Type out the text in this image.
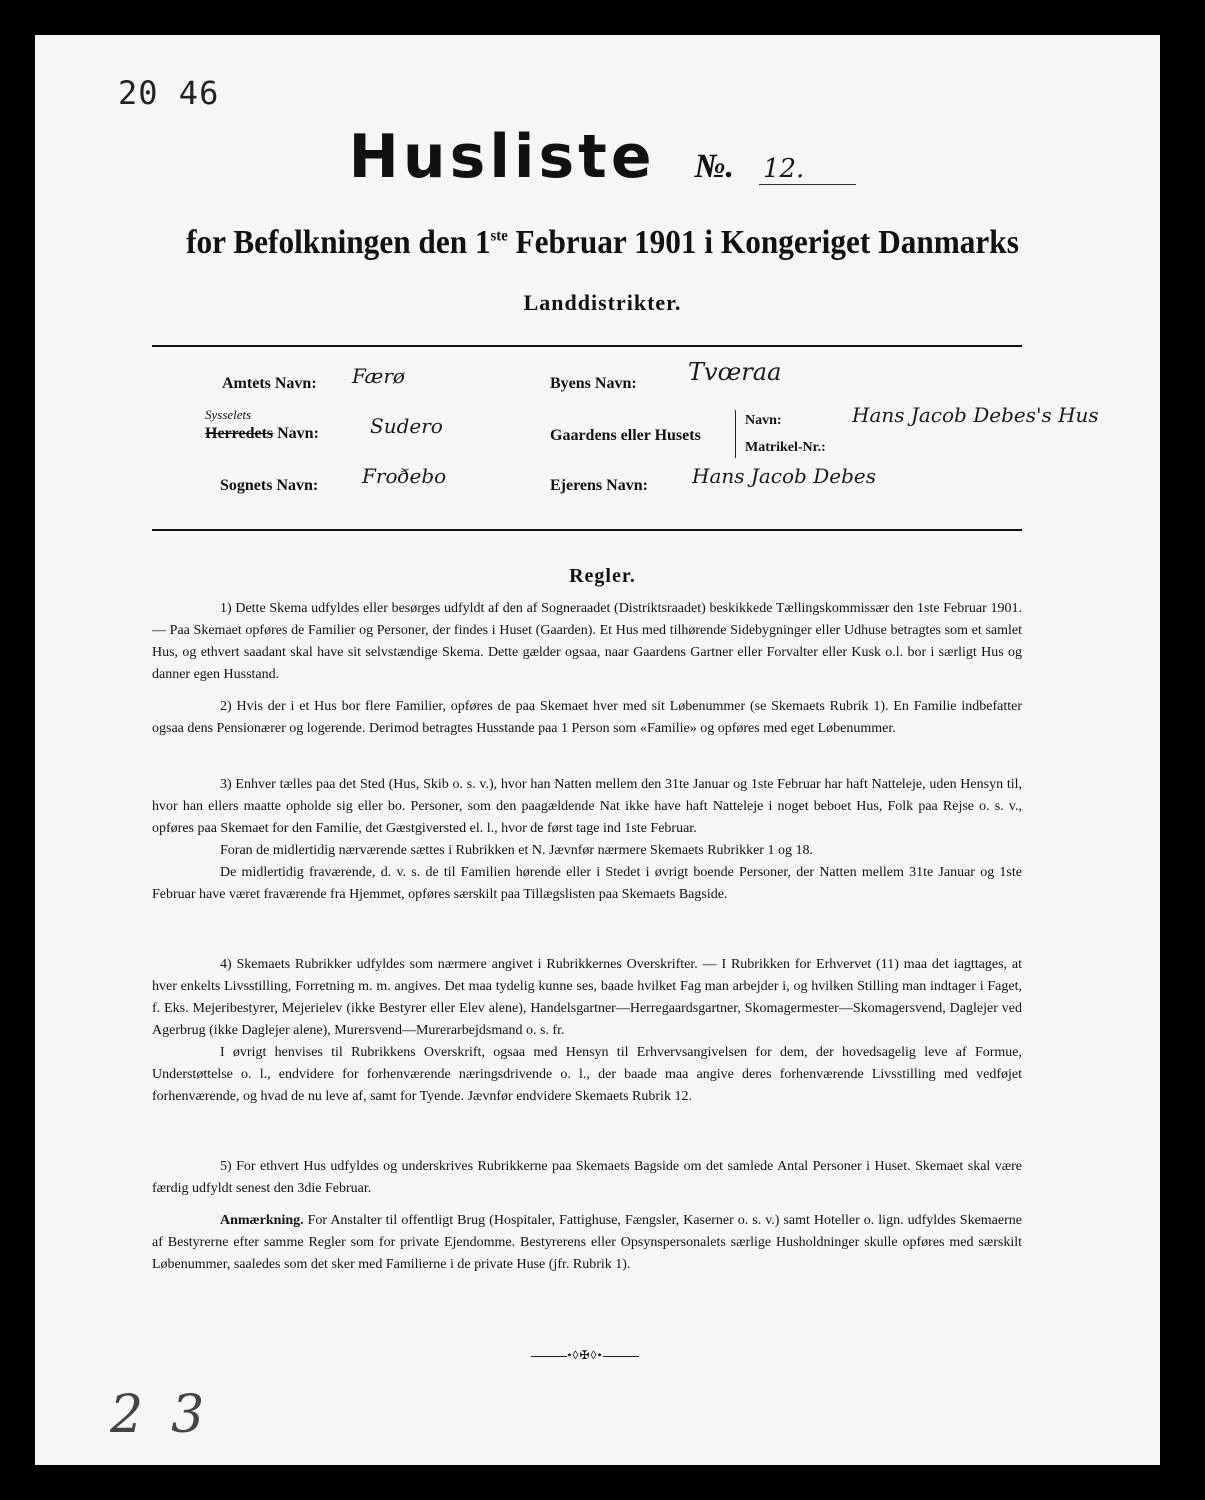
20 46
Husliste №. 12.
for Befolkningen den 1ste Februar 1901 i Kongeriget Danmarks
Landdistrikter.
Amtets Navn: Færø
Sysselets
Herredets Navn:	Sudero
Sognets Navn: Froðebo
Byens Navn: Tvœraa
Gaardens eller Husets
Navn:	Hans Jacob Debes's Hus
Matrikel-Nr.:
Ejerens Navn: Hans Jacob Debes
Regler.

1) Dette Skema udfyldes eller besørges udfyldt af den af Sogneraadet (Distriktsraadet) beskikkede Tællingskommissær den 1ste Februar 1901. — Paa Skemaet opføres de Familier og Personer, der findes i Huset (Gaarden). Et Hus med tilhørende Sidebygninger eller Udhuse betragtes som et samlet Hus, og ethvert saadant skal have sit selvstændige Skema. Dette gælder ogsaa, naar Gaardens Gartner eller Forvalter eller Kusk o.l. bor i særligt Hus og danner egen Husstand.

2) Hvis der i et Hus bor flere Familier, opføres de paa Skemaet hver med sit Løbenummer (se Skemaets Rubrik 1). En Familie indbefatter ogsaa dens Pensionærer og logerende. Derimod betragtes Husstande paa 1 Person som «Familie» og opføres med eget Løbenummer.

3) Enhver tælles paa det Sted (Hus, Skib o. s. v.), hvor han Natten mellem den 31te Januar og 1ste Februar har haft Natteleje, uden Hensyn til, hvor han ellers maatte opholde sig eller bo. Personer, som den paagældende Nat ikke have haft Natteleje i noget beboet Hus, Folk paa Rejse o. s. v., opføres paa Skemaet for den Familie, det Gæstgiversted el. l., hvor de først tage ind 1ste Februar.

Foran de midlertidig nærværende sættes i Rubrikken et N. Jævnfør nærmere Skemaets Rubrikker 1 og 18.

De midlertidig fraværende, d. v. s. de til Familien hørende eller i Stedet i øvrigt boende Personer, der Natten mellem 31te Januar og 1ste Februar have været fraværende fra Hjemmet, opføres særskilt paa Tillægslisten paa Skemaets Bagside.

4) Skemaets Rubrikker udfyldes som nærmere angivet i Rubrikkernes Overskrifter. — I Rubrikken for Erhvervet (11) maa det iagttages, at hver enkelts Livsstilling, Forretning m. m. angives. Det maa tydelig kunne ses, baade hvilket Fag man arbejder i, og hvilken Stilling man indtager i Faget, f. Eks. Mejeribestyrer, Mejerielev (ikke Bestyrer eller Elev alene), Handelsgartner—Herregaardsgartner, Skomagermester—Skomagersvend, Daglejer ved Agerbrug (ikke Daglejer alene), Murersvend—Murerarbejdsmand o. s. fr.

I øvrigt henvises til Rubrikkens Overskrift, ogsaa med Hensyn til Erhvervsangivelsen for dem, der hovedsagelig leve af Formue, Understøttelse o. l., endvidere for forhenværende næringsdrivende o. l., der baade maa angive deres forhenværende Livsstilling med vedføjet forhenværende, og hvad de nu leve af, samt for Tyende. Jævnfør endvidere Skemaets Rubrik 12.

5) For ethvert Hus udfyldes og underskrives Rubrikkerne paa Skemaets Bagside om det samlede Antal Personer i Huset. Skemaet skal være færdig udfyldt senest den 3die Februar.

Anmærkning. For Anstalter til offentligt Brug (Hospitaler, Fattighuse, Fængsler, Kaserner o. s. v.) samt Hoteller o. lign. udfyldes Skemaerne af Bestyrerne efter samme Regler som for private Ejendomme. Bestyrerens eller Opsynspersonalets særlige Husholdninger skulle opføres med særskilt Løbenummer, saaledes som det sker med Familierne i de private Huse (jfr. Rubrik 1).

•◊✠◊•
23
